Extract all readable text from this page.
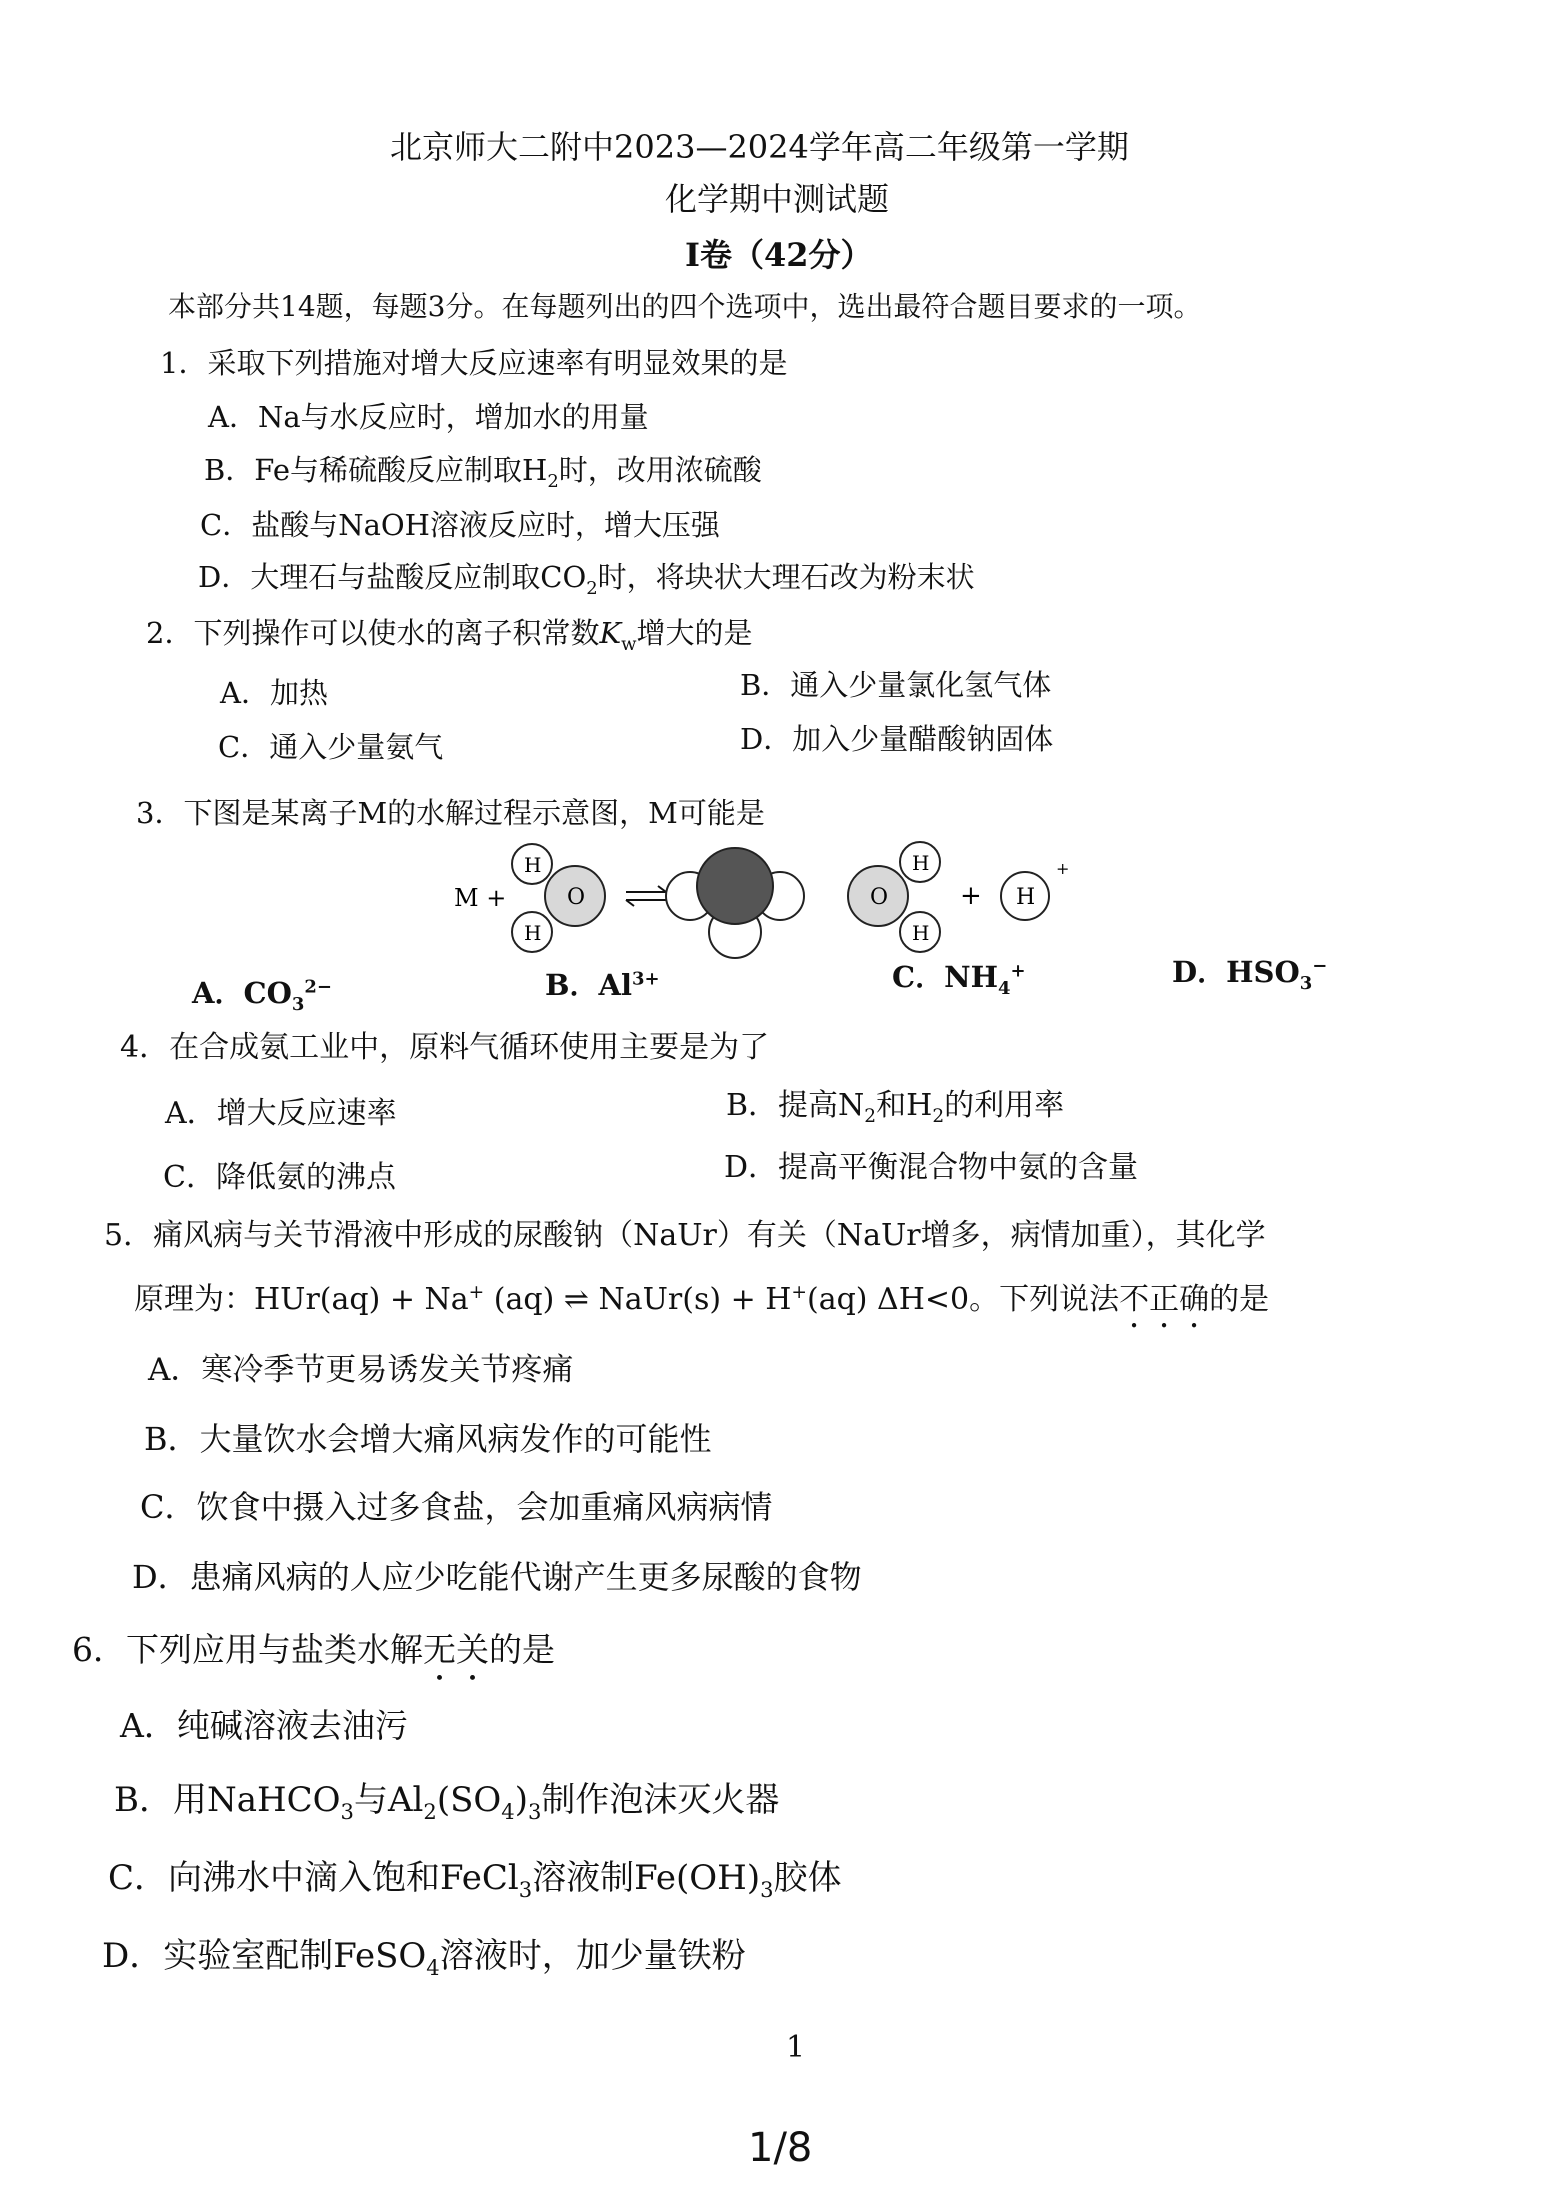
北京师大二附中2023—2024学年高二年级第一学期
化学期中测试题
I卷（42分）
本部分共14题，每题3分。在每题列出的四个选项中，选出最符合题目要求的一项。
1．采取下列措施对增大反应速率有明显效果的是
A．Na与水反应时，增加水的用量
B．Fe与稀硫酸反应制取$H_2$时，改用浓硫酸
C．盐酸与NaOH溶液反应时，增大压强
D．大理石与盐酸反应制取$CO_2$时，将块状大理石改为粉末状
2．下列操作可以使水的离子积常数$K_w$增大的是
A．加热	B．通入少量氯化氢气体
C．通入少量氨气	D．加入少量醋酸钠固体
3．下图是某离子M的水解过程示意图，M可能是
M +	O
H
H
O
H
H
+ H
+
A．$CO_3^{2-}$	B．$Al^{3+}$	C．$NH_4^+$	D．$HSO_3^-$
4．在合成氨工业中，原料气循环使用主要是为了
A．增大反应速率	B．提高$N_2$和$H_2$的利用率
C．降低氨的沸点	D．提高平衡混合物中氨的含量
5．痛风病与关节滑液中形成的尿酸钠（NaUr）有关（NaUr增多，病情加重），其化学
原理为：HUr(aq) + Na+ (aq) ⇌ NaUr(s) + H+(aq) ΔH<0。下列说法不正确的是
A．寒冷季节更易诱发关节疼痛
B．大量饮水会增大痛风病发作的可能性
C．饮食中摄入过多食盐，会加重痛风病病情
D．患痛风病的人应少吃能代谢产生更多尿酸的食物
6．下列应用与盐类水解无关的是
A．纯碱溶液去油污
B．用NaHCO$_3$与$Al_2(SO_4)_3$制作泡沫灭火器
C．向沸水中滴入饱和FeCl$_3$溶液制$Fe(OH)_3$胶体
D．实验室配制FeSO$_4$溶液时，加少量铁粉
1
1/8
